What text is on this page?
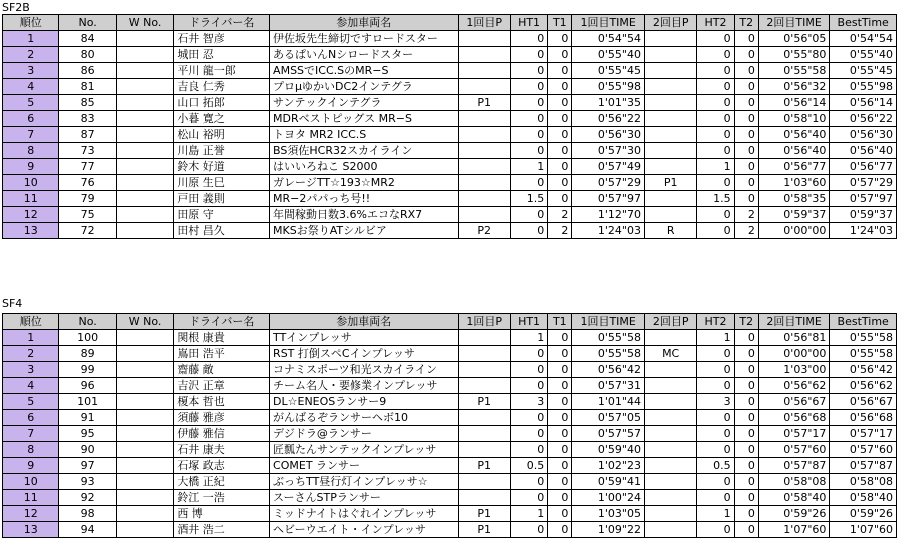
SF2B
順位	No.	W No.	ドライバー名	参加車両名	1回目P	HT1	T1	1回目TIME	2回目P	HT2	T2	2回目TIME	BestTime
1	84		石井 智彦	伊佐坂先生締切ですロードスター		0	0	0'54"54		0	0	0'56"05	0'54"54
2	80		城田 忍	あるぱいんNシロードスター		0	0	0'55"40		0	0	0'55"80	0'55"40
3	86		平川 龍一郎	AMSSでICC.SのMR−S		0	0	0'55"45		0	0	0'55"58	0'55"45
4	81		吉良 仁秀	プロμゆかいDC2インテグラ		0	0	0'55"98		0	0	0'56"32	0'55"98
5	85		山口 拓郎	サンテックインテグラ	P1	0	0	1'01"35		0	0	0'56"14	0'56"14
6	83		小暮 寛之	MDRベストピッグス MR−S		0	0	0'56"22		0	0	0'58"10	0'56"22
7	87		松山 裕明	トヨタ MR2 ICC.S		0	0	0'56"30		0	0	0'56"40	0'56"30
8	73		川島 正誉	BS須佐HCR32スカイライン		0	0	0'57"30		0	0	0'56"40	0'56"40
9	77		鈴木 好道	はいいろねこ S2000		1	0	0'57"49		1	0	0'56"77	0'56"77
10	76		川原 生巳	ガレージTT☆193☆MR2		0	0	0'57"29	P1	0	0	1'03"60	0'57"29
11	79		戸田 義則	MR−2パパっち号!!		1.5	0	0'57"97		1.5	0	0'58"35	0'57"97
12	75		田原 守	年間稼動日数3.6%エコなRX7		0	2	1'12"70		0	2	0'59"37	0'59"37
13	72		田村 昌久	MKSお祭りATシルビア	P2	0	2	1'24"03	R	0	2	0'00"00	1'24"03
SF4
順位	No.	W No.	ドライバー名	参加車両名	1回目P	HT1	T1	1回目TIME	2回目P	HT2	T2	2回目TIME	BestTime
1	100		関根 康貴	TTインプレッサ		1	0	0'55"58		1	0	0'56"81	0'55"58
2	89		嶌田 浩平	RST 打倒スペCインプレッサ		0	0	0'55"58	MC	0	0	0'00"00	0'55"58
3	99		齋藤 敵	コナミスポーツ和光スカイライン		0	0	0'56"42		0	0	1'03"00	0'56"42
4	96		吉沢 正章	チーム名人・要修業インプレッサ		0	0	0'57"31		0	0	0'56"62	0'56"62
5	101		榎本 哲也	DL☆ENEOSランサー9	P1	3	0	1'01"44		3	0	0'56"67	0'56"67
6	91		須藤 雅彦	がんばるぞランサーヘボ10		0	0	0'57"05		0	0	0'56"68	0'56"68
7	95		伊藤 雅信	デジドラ@ランサー		0	0	0'57"57		0	0	0'57"17	0'57"17
8	90		石井 康夫	匠瓢たんサンテックインプレッサ		0	0	0'59"40		0	0	0'57"60	0'57"60
9	97		石塚 政志	COMET ランサー	P1	0.5	0	1'02"23		0.5	0	0'57"87	0'57"87
10	93		大橋 正紀	ぶっちTT昼行灯インプレッサ☆		0	0	0'59"41		0	0	0'58"08	0'58"08
11	92		鈴江 一浩	スーさんSTPランサー		0	0	1'00"24		0	0	0'58"40	0'58"40
12	98		西 博	ミッドナイトはぐれインプレッサ	P1	1	0	1'03"05		1	0	0'59"26	0'59"26
13	94		酒井 浩二	ヘビーウエイト・インプレッサ	P1	0	0	1'09"22		0	0	1'07"60	1'07"60
